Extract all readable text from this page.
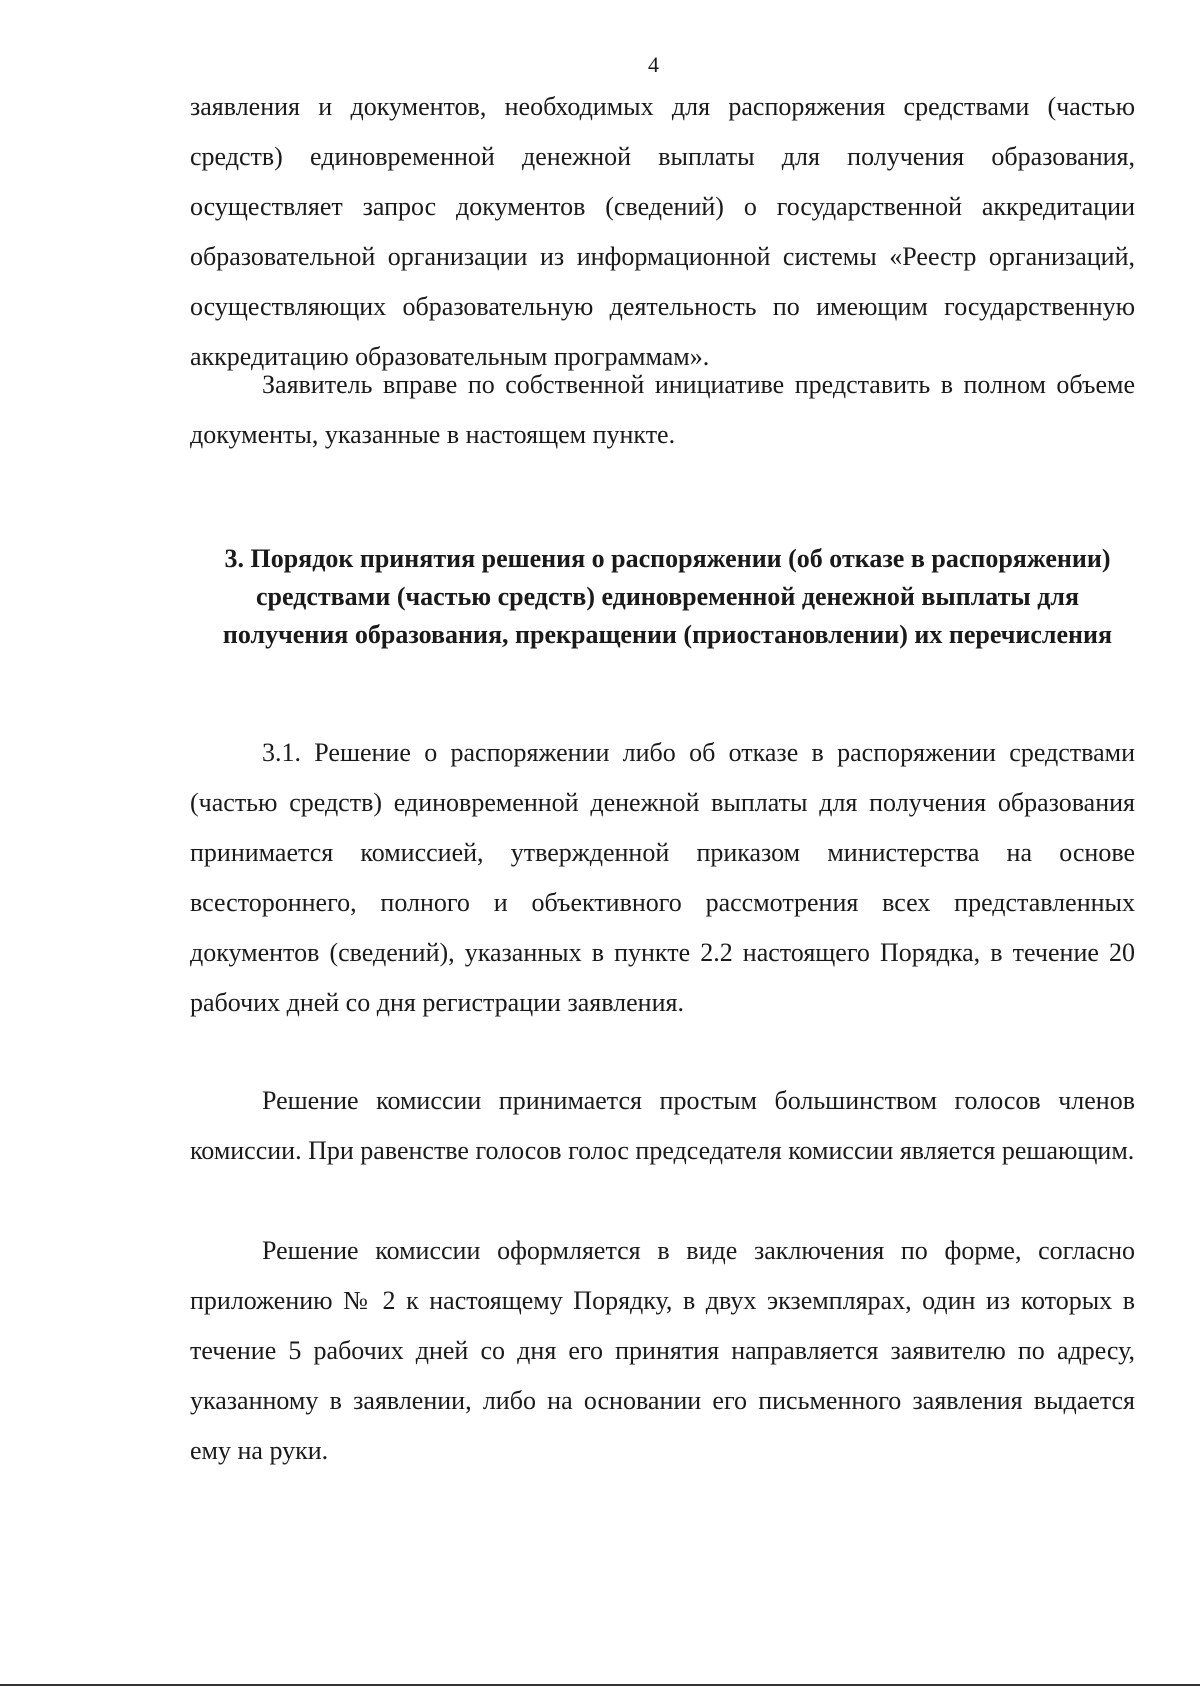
4

заявления и документов, необходимых для распоряжения средствами (частью средств) единовременной денежной выплаты для получения образования, осуществляет запрос документов (сведений) о государственной аккредитации образовательной организации из информационной системы «Реестр организаций, осуществляющих образовательную деятельность по имеющим государственную аккредитацию образовательным программам».

Заявитель вправе по собственной инициативе представить в полном объеме документы, указанные в настоящем пункте.

3. Порядок принятия решения о распоряжении (об отказе в распоряжении) средствами (частью средств) единовременной денежной выплаты для получения образования, прекращении (приостановлении) их перечисления

3.1. Решение о распоряжении либо об отказе в распоряжении средствами (частью средств) единовременной денежной выплаты для получения образования принимается комиссией, утвержденной приказом министерства на основе всестороннего, полного и объективного рассмотрения всех представленных документов (сведений), указанных в пункте 2.2 настоящего Порядка, в течение 20 рабочих дней со дня регистрации заявления.

Решение комиссии принимается простым большинством голосов членов комиссии. При равенстве голосов голос председателя комиссии является решающим.

Решение комиссии оформляется в виде заключения по форме, согласно приложению № 2 к настоящему Порядку, в двух экземплярах, один из которых в течение 5 рабочих дней со дня его принятия направляется заявителю по адресу, указанному в заявлении, либо на основании его письменного заявления выдается ему на руки.
